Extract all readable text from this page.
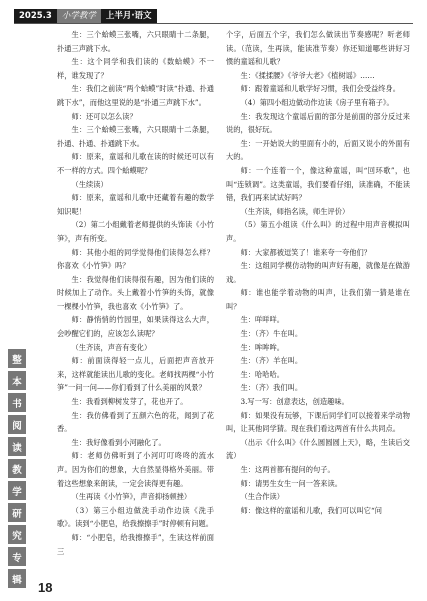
2025.3	小学教学	上半月·语文

生：三个蛤蟆三张嘴，六只眼睛十二条腿，扑通三声跳下水。

生：这个同学和我们读的《数蛤蟆》不一样，谁发现了？

生：我们之前读“两个蛤蟆”时读“扑通、扑通跳下水”，而他这里说的是“扑通三声跳下水”。

师：还可以怎么读？

生：三个蛤蟆三张嘴，六只眼睛十二条腿，扑通、扑通、扑通跳下水。

师：原来，童谣和儿歌在读的时候还可以有不一样的方式。四个蛤蟆呢？

（生续读）

师：原来，童谣和儿歌中还藏着有趣的数学知识呢！

（2）第二小组戴着老师提供的头饰读《小竹笋》，声有所变。

师：其他小组的同学觉得他们读得怎么样？你喜欢《小竹笋》吗？

生：我觉得他们读得很有趣，因为他们读的时候加上了动作。头上戴着小竹笋的头饰，就像一棵棵小竹笋，我也喜欢《小竹笋》了。

师：静悄悄的竹园里，如果读得这么大声，会吵醒它们的，应该怎么读呢？

（生齐读，声音有变化）

师：前面读得轻一点儿，后面把声音放开来，这样就能读出儿歌的变化。老师找两棵“小竹笋”一问一问——你们看到了什么美丽的风景？

生：我看到柳树发芽了，花也开了。

生：我仿佛看到了五颜六色的花，闻到了花香。

生：我好像看到小河融化了。

师：老师仿佛听到了小河叮叮咚咚的流水声。因为你们的想象，大自然显得格外美丽。带着这些想象来朗读，一定会读得更有趣。

（生再读《小竹笋》，声音抑扬顿挫）

（3）第三小组边做洗手动作边读《洗手歌》。读到“小肥皂，给我擦擦手”时停顿有问题。

师：“小肥皂，给我擦擦手”，生读这样前面三

个字，后面五个字，我们怎么做读出节奏感呢？听老师读。（范读，生再读，能读准节奏）你还知道哪些讲好习惯的童谣和儿歌？

生：《揉揉腰》《爷爷大老》《植树谣》……

师：跟着童谣和儿歌学好习惯，我们会受益终身。

（4）第四小组边做动作边读《房子里有箱子》。

生：我发现这个童谣后面的部分是前面的部分反过来说的，很好玩。

生：一开始说大的里面有小的，后面又说小的外面有大的。

师：一个连着一个，像这种童谣，叫“回环歌”，也叫“连锁调”。这类童谣，我们要看仔细，读准确，不能读错，我们再来试试好吗？

（生齐读，师指名读，师生评价）

（5）第五小组读《什么叫》的过程中用声音模拟叫声。

师：大家都被逗笑了！谁来夸一夸他们？

生：这组同学模仿动物的叫声好有趣，就像是在做游戏。

师：谁也能学着动物的叫声，让我们猜一猜是谁在叫？

生：咩咩咩。

生：（齐）牛在叫。

生：哞哞哞。

生：（齐）羊在叫。

生：哈哈哈。

生：（齐）我们叫。

3.写一写：创意表达，创造趣味。

师：如果没有玩够，下课后同学们可以接着来学动物叫，让其他同学猜。现在我们看这两首有什么共同点。

（出示《什么叫》《什么圆圆圆上天》，略，生读后交流）

生：这两首都有提问的句子。

师：请男生女生一问一答来读。

（生合作读）

师：像这样的童谣和儿歌，我们可以叫它“问

整
本
书
阅
读
教
学
研
究
专
辑	18
